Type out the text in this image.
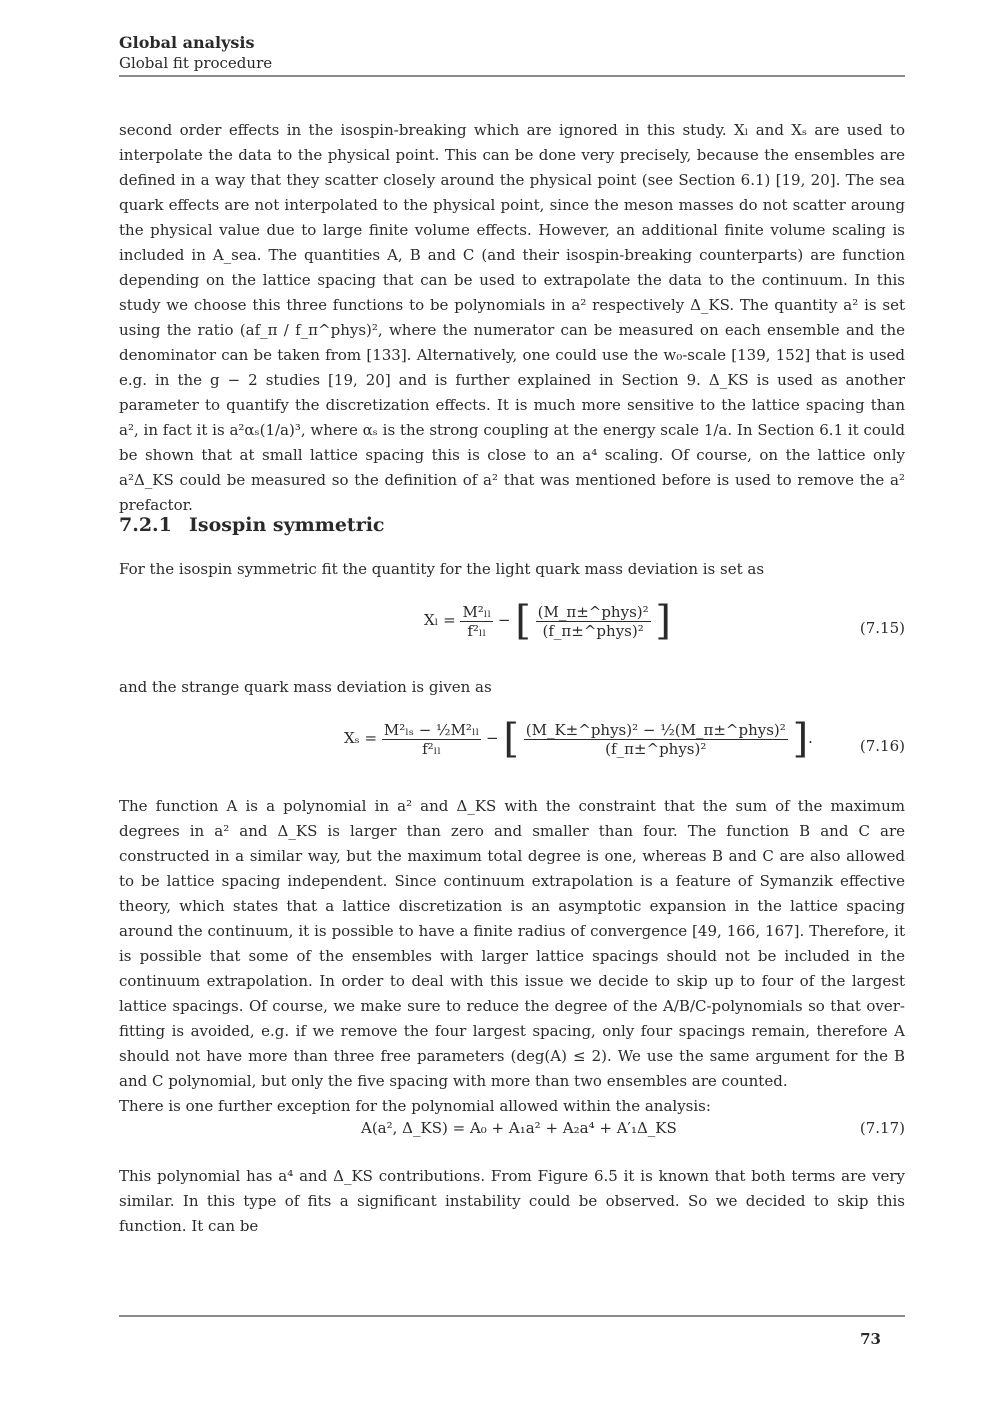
Global analysis
Global fit procedure

second order effects in the isospin-breaking which are ignored in this study. Xₗ and Xₛ are used to interpolate the data to the physical point. This can be done very precisely, because the ensembles are defined in a way that they scatter closely around the physical point (see Section 6.1) [19, 20]. The sea quark effects are not interpolated to the physical point, since the meson masses do not scatter aroung the physical value due to large finite volume effects. However, an additional finite volume scaling is included in A_sea. The quantities A, B and C (and their isospin-breaking counterparts) are function depending on the lattice spacing that can be used to extrapolate the data to the continuum. In this study we choose this three functions to be polynomials in a² respectively Δ_KS. The quantity a² is set using the ratio (af_π / f_π^phys)², where the numerator can be measured on each ensemble and the denominator can be taken from [133]. Alternatively, one could use the w₀-scale [139, 152] that is used e.g. in the g − 2 studies [19, 20] and is further explained in Section 9. Δ_KS is used as another parameter to quantify the discretization effects. It is much more sensitive to the lattice spacing than a², in fact it is a²αₛ(1/a)³, where αₛ is the strong coupling at the energy scale 1/a. In Section 6.1 it could be shown that at small lattice spacing this is close to an a⁴ scaling. Of course, on the lattice only a²Δ_KS could be measured so the definition of a² that was mentioned before is used to remove the a² prefactor.

7.2.1 Isospin symmetric

For the isospin symmetric fit the quantity for the light quark mass deviation is set as

$X_l = \frac{\text{M²ₗₗ}}{\text{f²ₗₗ}}$ − [ $\frac{\text{(M\_π±\textasciicircum{}phys)²}}{\text{(f\_π±\textasciicircum{}phys)²}}$ ]	(7.15)

and the strange quark mass deviation is given as

$X_s = \frac{\text{M²ₗₛ − ½M²ₗₗ}}{\text{f²ₗₗ}}$ − [ $\frac{\text{(M\_K±\textasciicircum{}phys)² − ½(M\_π±\textasciicircum{}phys)²}}{\text{(f\_π±\textasciicircum{}phys)²}}$ ].	(7.16)

The function A is a polynomial in a² and Δ_KS with the constraint that the sum of the maximum degrees in a² and Δ_KS is larger than zero and smaller than four. The function B and C are constructed in a similar way, but the maximum total degree is one, whereas B and C are also allowed to be lattice spacing independent. Since continuum extrapolation is a feature of Symanzik effective theory, which states that a lattice discretization is an asymptotic expansion in the lattice spacing around the continuum, it is possible to have a finite radius of convergence [49, 166, 167]. Therefore, it is possible that some of the ensembles with larger lattice spacings should not be included in the continuum extrapolation. In order to deal with this issue we decide to skip up to four of the largest lattice spacings. Of course, we make sure to reduce the degree of the A/B/C-polynomials so that over-fitting is avoided, e.g. if we remove the four largest spacing, only four spacings remain, therefore A should not have more than three free parameters (deg(A) ≤ 2). We use the same argument for the B and C polynomial, but only the five spacing with more than two ensembles are counted.
There is one further exception for the polynomial allowed within the analysis:

A(a², Δ_KS) = A₀ + A₁a² + A₂a⁴ + A′₁Δ_KS	(7.17)

This polynomial has a⁴ and Δ_KS contributions. From Figure 6.5 it is known that both terms are very similar. In this type of fits a significant instability could be observed. So we decided to skip this function. It can be

73
